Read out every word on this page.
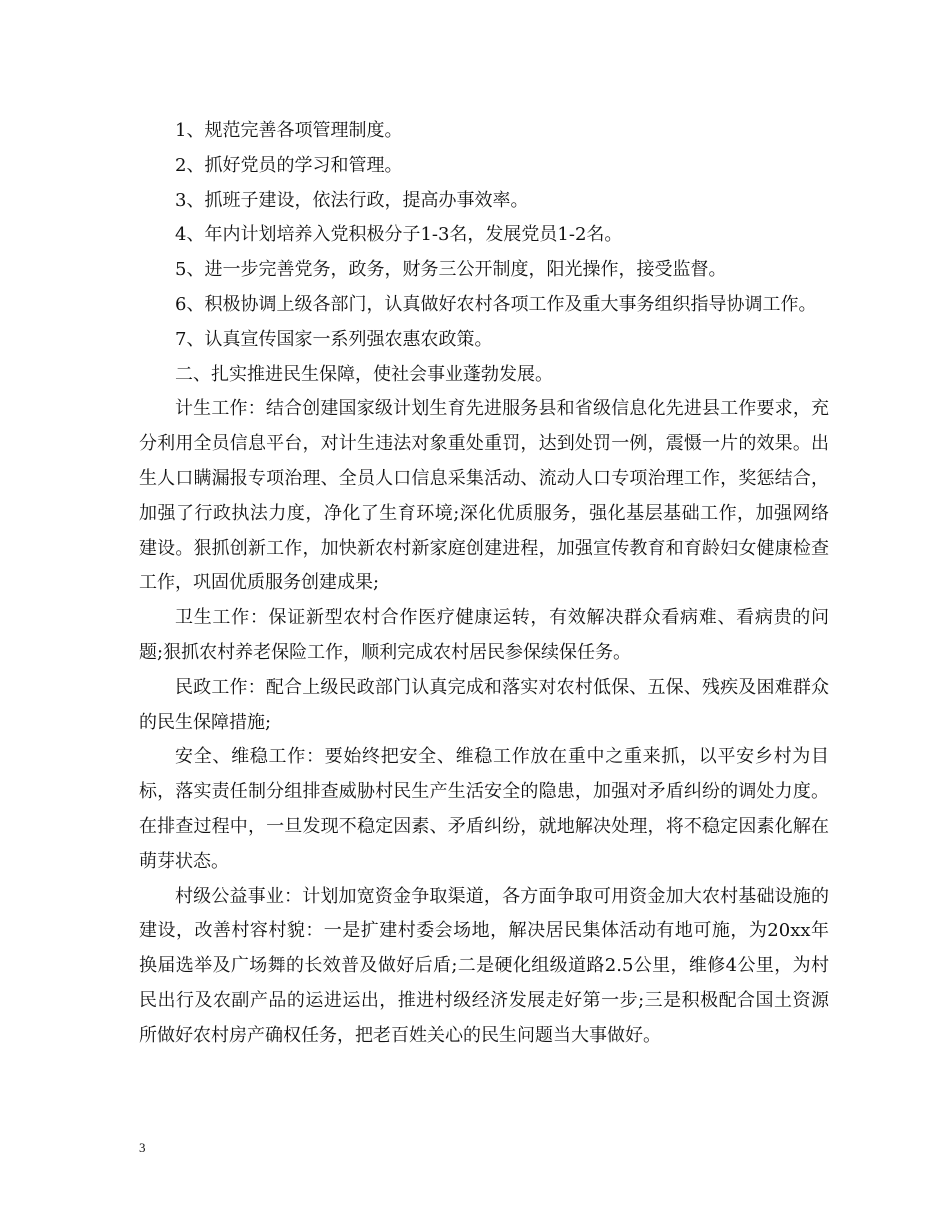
1、规范完善各项管理制度。

2、抓好党员的学习和管理。

3、抓班子建设，依法行政，提高办事效率。

4、年内计划培养入党积极分子1-3名，发展党员1-2名。

5、进一步完善党务，政务，财务三公开制度，阳光操作，接受监督。

6、积极协调上级各部门，认真做好农村各项工作及重大事务组织指导协调工作。

7、认真宣传国家一系列强农惠农政策。

二、扎实推进民生保障，使社会事业蓬勃发展。

计生工作：结合创建国家级计划生育先进服务县和省级信息化先进县工作要求，充分利用全员信息平台，对计生违法对象重处重罚，达到处罚一例，震慑一片的效果。出生人口瞒漏报专项治理、全员人口信息采集活动、流动人口专项治理工作，奖惩结合，加强了行政执法力度，净化了生育环境;深化优质服务，强化基层基础工作，加强网络建设。狠抓创新工作，加快新农村新家庭创建进程，加强宣传教育和育龄妇女健康检查工作，巩固优质服务创建成果;

卫生工作：保证新型农村合作医疗健康运转，有效解决群众看病难、看病贵的问题;狠抓农村养老保险工作，顺利完成农村居民参保续保任务。

民政工作：配合上级民政部门认真完成和落实对农村低保、五保、残疾及困难群众的民生保障措施;

安全、维稳工作：要始终把安全、维稳工作放在重中之重来抓，以平安乡村为目标，落实责任制分组排查威胁村民生产生活安全的隐患，加强对矛盾纠纷的调处力度。在排查过程中，一旦发现不稳定因素、矛盾纠纷，就地解决处理，将不稳定因素化解在萌芽状态。

村级公益事业：计划加宽资金争取渠道，各方面争取可用资金加大农村基础设施的建设，改善村容村貌：一是扩建村委会场地，解决居民集体活动有地可施，为20xx年换届选举及广场舞的长效普及做好后盾;二是硬化组级道路2.5公里，维修4公里，为村民出行及农副产品的运进运出，推进村级经济发展走好第一步;三是积极配合国土资源所做好农村房产确权任务，把老百姓关心的民生问题当大事做好。

3
